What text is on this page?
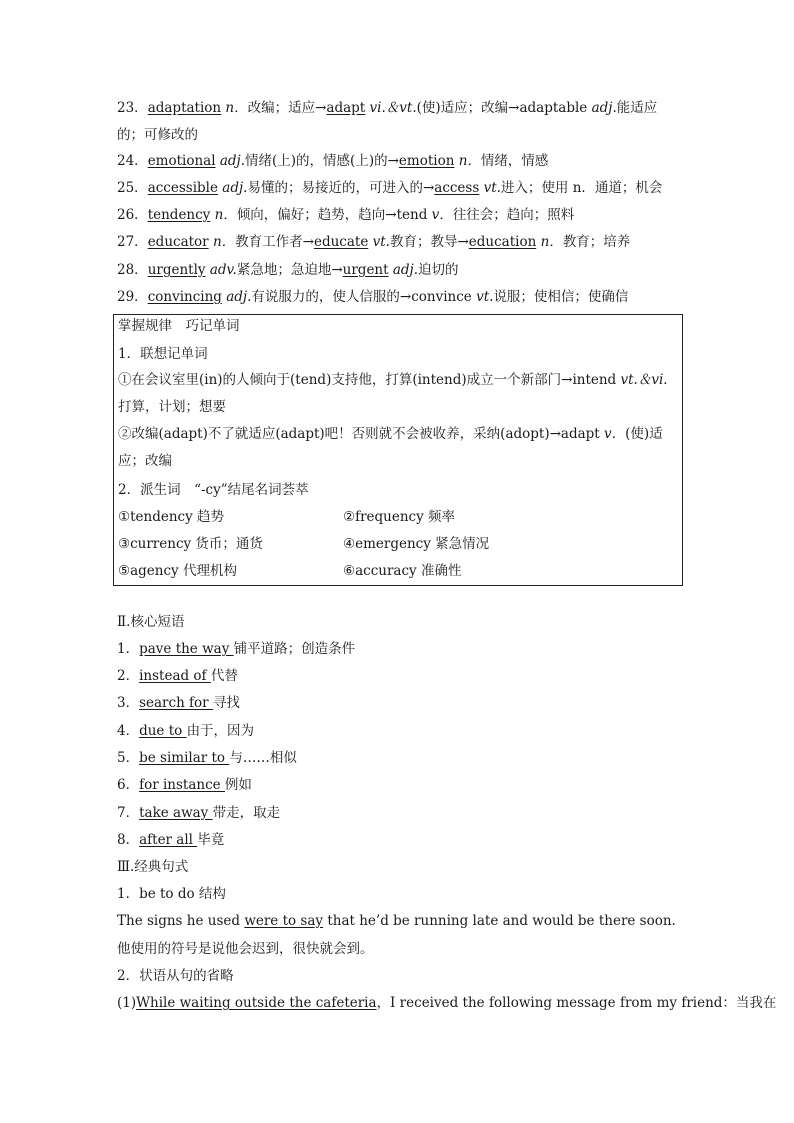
23．adaptation n．改编；适应→adapt vi.＆vt.(使)适应；改编→adaptable adj.能适应的；可修改的
24．emotional adj.情绪(上)的，情感(上)的→emotion n．情绪，情感
25．accessible adj.易懂的；易接近的，可进入的→access vt.进入；使用 n．通道；机会
26．tendency n．倾向，偏好；趋势，趋向→tend v．往往会；趋向；照料
27．educator n．教育工作者→educate vt.教育；教导→education n．教育；培养
28．urgently adv.紧急地；急迫地→urgent adj.迫切的
29．convincing adj.有说服力的，使人信服的→convince vt.说服；使相信；使确信
掌握规律　巧记单词
1．联想记单词
①在会议室里(in)的人倾向于(tend)支持他，打算(intend)成立一个新部门→intend vt.＆vi.打算，计划；想要
②改编(adapt)不了就适应(adapt)吧！否则就不会被收养，采纳(adopt)→adapt v．(使)适应；改编
2．派生词　“-cy”结尾名词荟萃
①tendency 趋势	②frequency 频率
③currency 货币；通货	④emergency 紧急情况
⑤agency 代理机构	⑥accuracy 准确性
Ⅱ.核心短语
1．pave the way 铺平道路；创造条件
2．instead of 代替
3．search for 寻找
4．due to 由于，因为
5．be similar to 与……相似
6．for instance 例如
7．take away 带走，取走
8．after all 毕竟
Ⅲ.经典句式
1．be to do 结构
The signs he used were to say that he’d be running late and would be there soon.
他使用的符号是说他会迟到，很快就会到。
2．状语从句的省略
(1)While waiting outside the cafeteria，I received the following message from my friend：当我在
